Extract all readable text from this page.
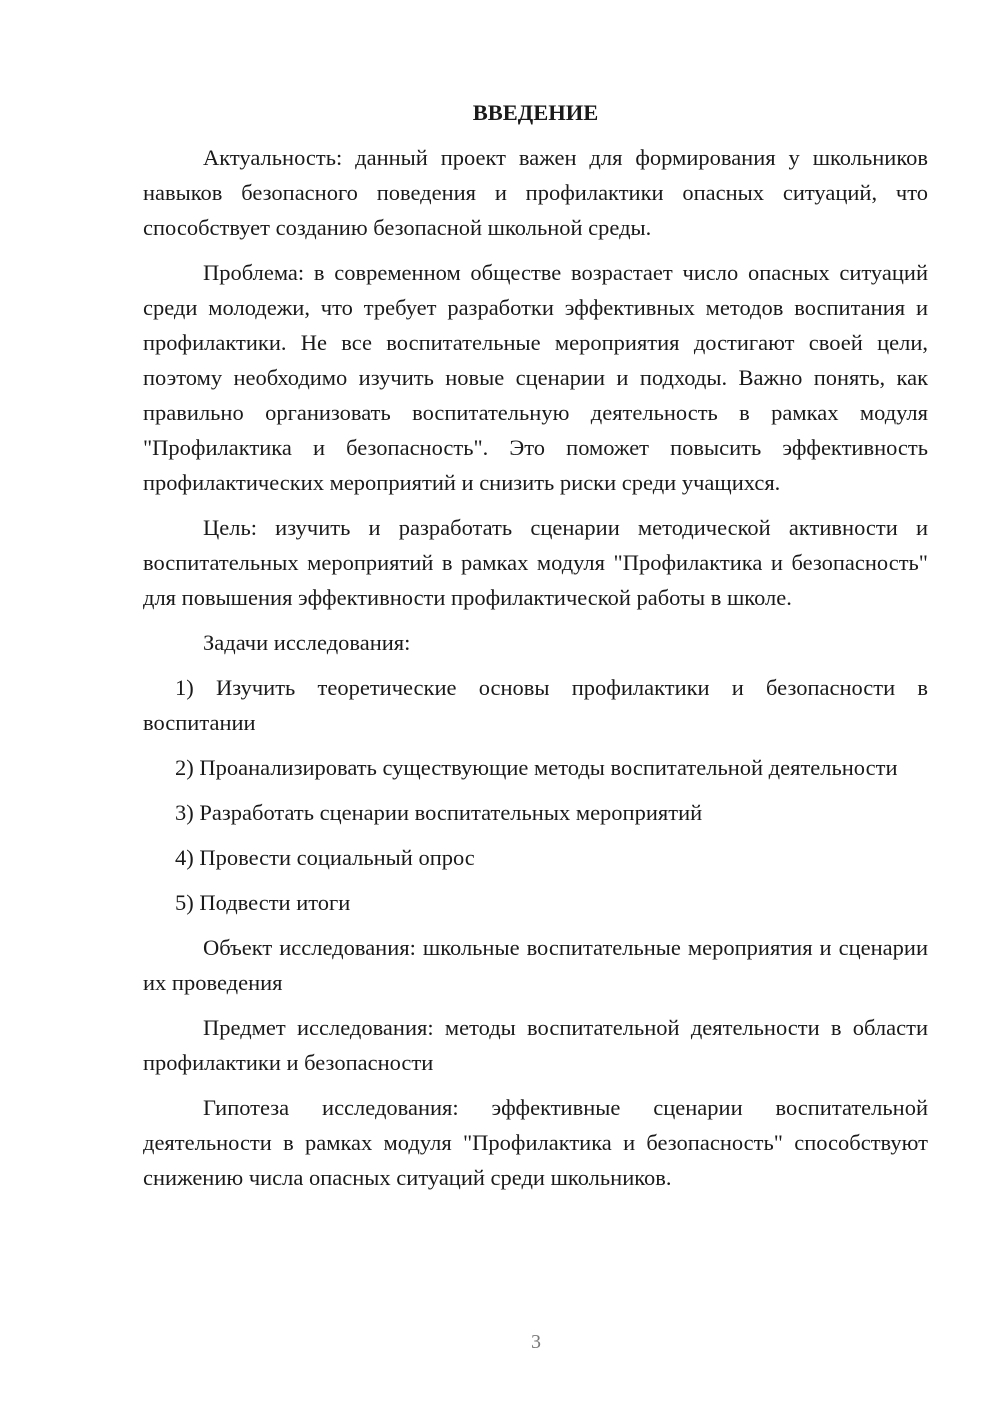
ВВЕДЕНИЕ

Актуальность: данный проект важен для формирования у школьников навыков безопасного поведения и профилактики опасных ситуаций, что способствует созданию безопасной школьной среды.

Проблема: в современном обществе возрастает число опасных ситуаций среди молодежи, что требует разработки эффективных методов воспитания и профилактики. Не все воспитательные мероприятия достигают своей цели, поэтому необходимо изучить новые сценарии и подходы. Важно понять, как правильно организовать воспитательную деятельность в рамках модуля "Профилактика и безопасность". Это поможет повысить эффективность профилактических мероприятий и снизить риски среди учащихся.

Цель: изучить и разработать сценарии методической активности и воспитательных мероприятий в рамках модуля "Профилактика и безопасность" для повышения эффективности профилактической работы в школе.

Задачи исследования:

1) Изучить теоретические основы профилактики и безопасности в воспитании

2) Проанализировать существующие методы воспитательной деятельности

3) Разработать сценарии воспитательных мероприятий

4) Провести социальный опрос

5) Подвести итоги

Объект исследования: школьные воспитательные мероприятия и сценарии их проведения

Предмет исследования: методы воспитательной деятельности в области профилактики и безопасности

Гипотеза исследования: эффективные сценарии воспитательной деятельности в рамках модуля "Профилактика и безопасность" способствуют снижению числа опасных ситуаций среди школьников.

3
